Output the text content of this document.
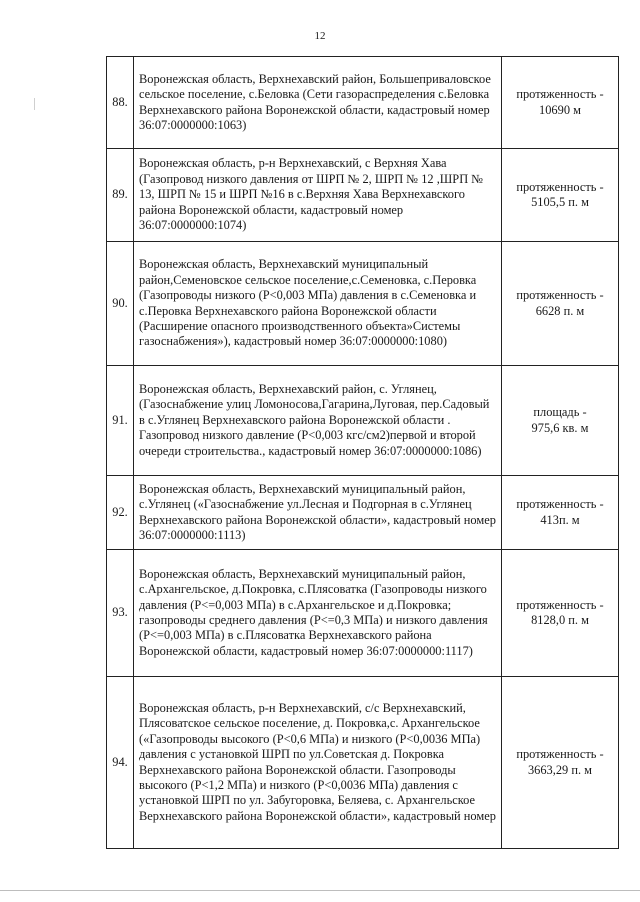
12
88.	Воронежская область, Верхнехавский район, Большеприваловское сельское поселение, с.Беловка (Сети газораспределения с.Беловка Верхнехавского района Воронежской области, кадастровый номер 36:07:0000000:1063)	протяженность -
10690 м

89.	Воронежская область, р-н Верхнехавский, с Верхняя Хава (Газопровод низкого давления от ШРП № 2, ШРП № 12 ,ШРП № 13, ШРП № 15 и ШРП №16 в с.Верхняя Хава Верхнехавского района Воронежской области, кадастровый номер 36:07:0000000:1074)	протяженность -
5105,5 п. м

90.	Воронежская область, Верхнехавский муниципальный район,Семеновское сельское поселение,с.Семеновка, с.Перовка (Газопроводы низкого (Р<0,003 МПа) давления в с.Семеновка и с.Перовка Верхнехавского района Воронежской области (Расширение опасного производственного объекта»Системы газоснабжения»), кадастровый номер 36:07:0000000:1080)	протяженность -
6628 п. м

91.	Воронежская область, Верхнехавский район, с. Углянец, (Газоснабжение улиц Ломоносова,Гагарина,Луговая, пер.Садовый в с.Углянец Верхнехавского района Воронежской области . Газопровод низкого давление (Р<0,003 кгс/см2)первой и второй очереди строительства., кадастровый номер 36:07:0000000:1086)	площадь -
975,6 кв. м

92.	Воронежская область, Верхнехавский муниципальный район, с.Углянец («Газоснабжение ул.Лесная и Подгорная в с.Углянец Верхнехавского района Воронежской области», кадастровый номер 36:07:0000000:1113)	протяженность -
413п. м

93.	Воронежская область, Верхнехавский муниципальный район, с.Архангельское, д.Покровка, с.Плясоватка (Газопроводы низкого давления (Р<=0,003 МПа) в с.Архангельское и д.Покровка; газопроводы среднего давления (Р<=0,3 МПа) и низкого давления (Р<=0,003 МПа) в с.Плясоватка Верхнехавского района Воронежской области, кадастровый номер 36:07:0000000:1117)	протяженность -
8128,0 п. м

94.	Воронежская область, р-н Верхнехавский, с/с Верхнехавский, Плясоватское сельское поселение, д. Покровка,с. Архангельское («Газопроводы высокого (Р<0,6 МПа) и низкого (Р<0,0036 МПа) давления с установкой ШРП по ул.Советская д. Покровка Верхнехавского района Воронежской области. Газопроводы высокого (Р<1,2 МПа) и низкого (Р<0,0036 МПа) давления с установкой ШРП по ул. Забугоровка, Беляева, с. Архангельское Верхнехавского района Воронежской области», кадастровый номер	протяженность -
3663,29 п. м
